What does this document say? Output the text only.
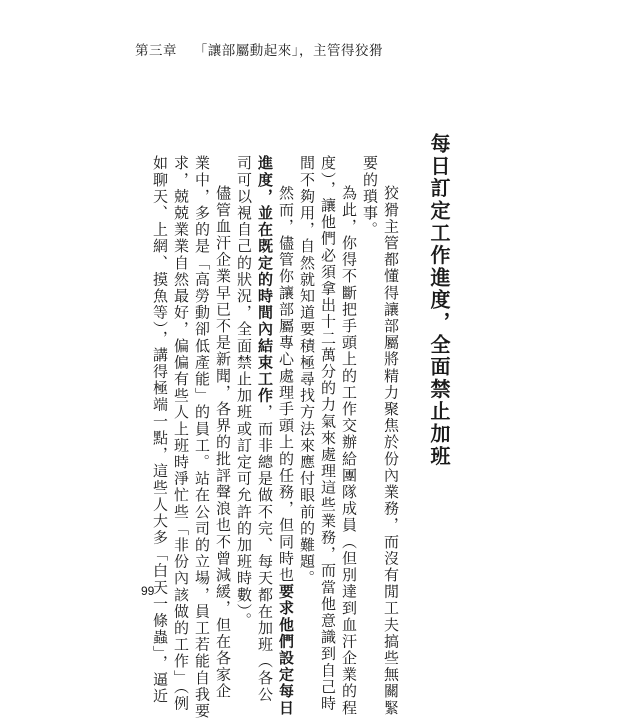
第三章 「讓部屬動起來」，主管得狡猾
每日訂定工作進度，全面禁止加班
狡猾主管都懂得讓部屬將精力聚焦於份內業務，而沒有閒工夫搞些無關緊
要的瑣事。
為此，你得不斷把手頭上的工作交辦給團隊成員（但別達到血汗企業的程
度），讓他們必須拿出十二萬分的力氣來處理這些業務，而當他意識到自己時
間不夠用，自然就知道要積極尋找方法來應付眼前的難題。
然而，儘管你讓部屬專心處理手頭上的任務，但同時也要求他們設定每日
進度，並在既定的時間內結束工作，而非總是做不完、每天都在加班（各公
司可以視自己的狀況，全面禁止加班或訂定可允許的加班時數）。
儘管血汗企業早已不是新聞，各界的批評聲浪也不曾減緩，但在各家企
業中，多的是「高勞動卻低產能」的員工。站在公司的立場，員工若能自我要
求，兢兢業業自然最好，偏偏有些人上班時淨忙些「非份內該做的工作」（例
如聊天、上網、摸魚等），講得極端一點，這些人大多「白天一條蟲」，逼近
99
